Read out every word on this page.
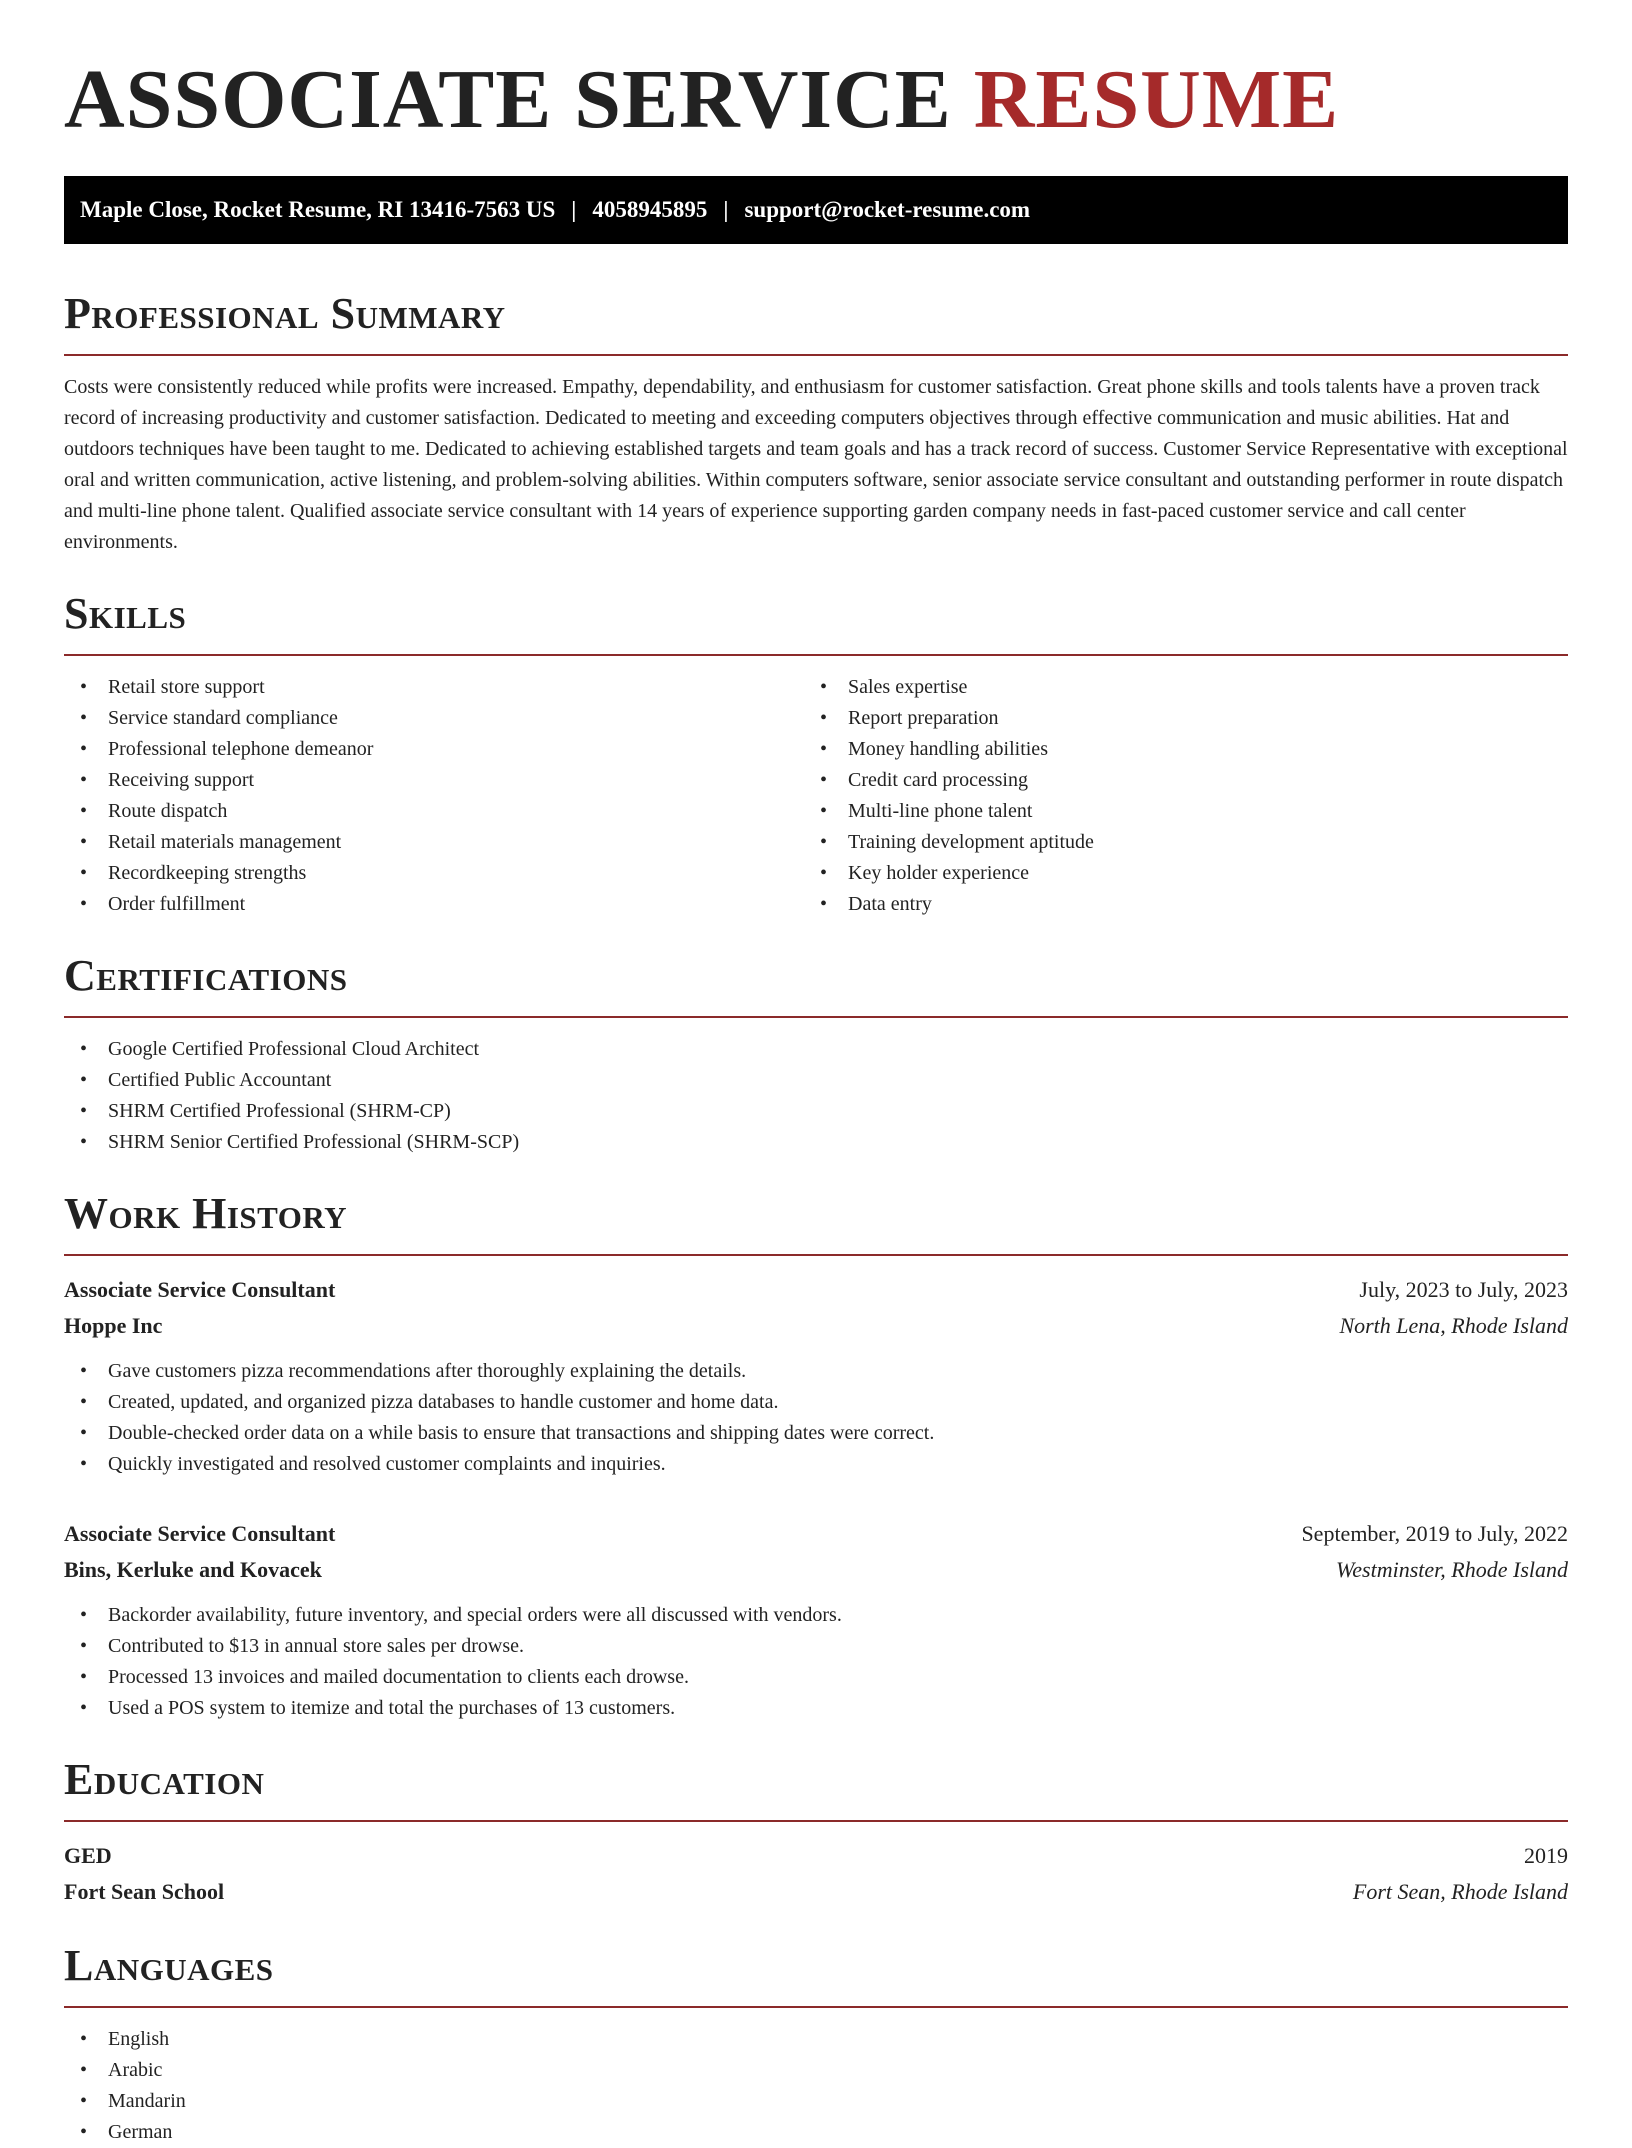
ASSOCIATE SERVICE RESUME
Maple Close, Rocket Resume, RI 13416-7563 US | 4058945895 | support@rocket-resume.com
Professional Summary

Costs were consistently reduced while profits were increased. Empathy, dependability, and enthusiasm for customer satisfaction. Great phone skills and tools talents have a proven track record of increasing productivity and customer satisfaction. Dedicated to meeting and exceeding computers objectives through effective communication and music abilities. Hat and outdoors techniques have been taught to me. Dedicated to achieving established targets and team goals and has a track record of success. Customer Service Representative with exceptional oral and written communication, active listening, and problem-solving abilities. Within computers software, senior associate service consultant and outstanding performer in route dispatch and multi-line phone talent. Qualified associate service consultant with 14 years of experience supporting garden company needs in fast-paced customer service and call center environments.

Skills
• Retail store support
• Service standard compliance
• Professional telephone demeanor
• Receiving support
• Route dispatch
• Retail materials management
• Recordkeeping strengths
• Order fulfillment
• Sales expertise
• Report preparation
• Money handling abilities
• Credit card processing
• Multi-line phone talent
• Training development aptitude
• Key holder experience
• Data entry
Certifications
• Google Certified Professional Cloud Architect
• Certified Public Accountant
• SHRM Certified Professional (SHRM-CP)
• SHRM Senior Certified Professional (SHRM-SCP)
Work History
Associate Service Consultant	July, 2023 to July, 2023
Hoppe Inc	North Lena, Rhode Island
• Gave customers pizza recommendations after thoroughly explaining the details.
• Created, updated, and organized pizza databases to handle customer and home data.
• Double-checked order data on a while basis to ensure that transactions and shipping dates were correct.
• Quickly investigated and resolved customer complaints and inquiries.
Associate Service Consultant	September, 2019 to July, 2022
Bins, Kerluke and Kovacek	Westminster, Rhode Island
• Backorder availability, future inventory, and special orders were all discussed with vendors.
• Contributed to $13 in annual store sales per drowse.
• Processed 13 invoices and mailed documentation to clients each drowse.
• Used a POS system to itemize and total the purchases of 13 customers.
Education
GED	2019
Fort Sean School	Fort Sean, Rhode Island
Languages
• English
• Arabic
• Mandarin
• German
